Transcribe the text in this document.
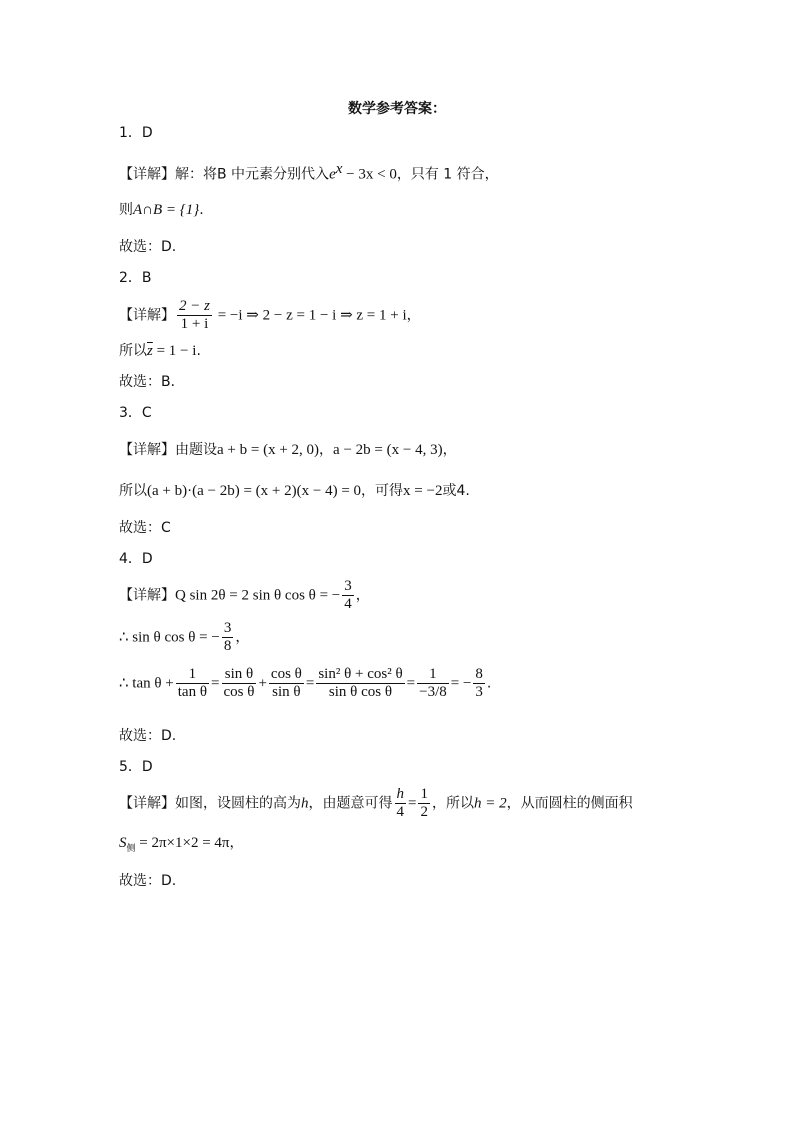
数学参考答案：
1．D
【详解】解：将B 中元素分别代入$e^x - 3x < 0$，只有 1 符合，
则A∩B = {1}.
故选：D.
2．B
【详解】 $\frac{2 - z}{1 + i} = -i$ ⇒ 2 − z = 1 − i ⇒ z = 1 + i，
所以$\overline{z} = 1 - i$.
故选：B．
3．C
【详解】由题设a + b = (x + 2, 0)，a − 2b = (x − 4, 3)，
所以(a + b)·(a − 2b) = (x + 2)(x − 4) = 0，可得x = −2或4.
故选：C
4．D
【详解】Q sin 2θ = 2 sin θ cos θ = − $\frac{3}{4}$ ，
∴ sin θ cos θ = − $\frac{3}{8}$ ，
∴ $\tan \theta + \frac{1}{\text{tan θ}} = \frac{\text{sin θ}}{\text{cos θ}} + \frac{\text{cos θ}}{\text{sin θ}} = \frac{\text{sin² θ + cos² θ}}{\text{sin θ cos θ}} = \frac{1}{-3/8}$ = − $\frac{8}{3}$ .
故选：D.
5．D
【详解】如图，设圆柱的高为h，由题意可得 $\frac{h}{4} = \frac{1}{2}$ ，所以h = 2，从而圆柱的侧面积
$S_侧 = 2\pi\times 1\times 2 = 4\pi$，
故选：D.
